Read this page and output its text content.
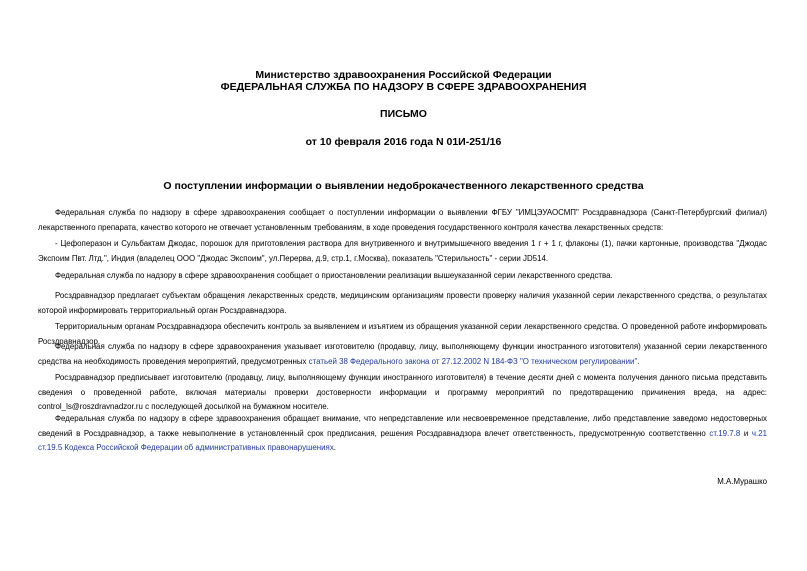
Министерство здравоохранения Российской Федерации
ФЕДЕРАЛЬНАЯ СЛУЖБА ПО НАДЗОРУ В СФЕРЕ ЗДРАВООХРАНЕНИЯ
ПИСЬМО
от 10 февраля 2016 года N 01И-251/16
О поступлении информации о выявлении недоброкачественного лекарственного средства

Федеральная служба по надзору в сфере здравоохранения сообщает о поступлении информации о выявлении ФГБУ "ИМЦЭУАОСМП" Росздравнадзора (Санкт-Петербургский филиал) лекарственного препарата, качество которого не отвечает установленным требованиям, в ходе проведения государственного контроля качества лекарственных средств:

- Цефоперазон и Сульбактам Джодас, порошок для приготовления раствора для внутривенного и внутримышечного введения 1 г + 1 г, флаконы (1), пачки картонные, производства "Джодас Экспоим Пвт. Лтд.", Индия (владелец ООО "Джодас Экспоим", ул.Перерва, д.9, стр.1, г.Москва), показатель "Стерильность" - серии JD514.

Федеральная служба по надзору в сфере здравоохранения сообщает о приостановлении реализации вышеуказанной серии лекарственного средства.

Росздравнадзор предлагает субъектам обращения лекарственных средств, медицинским организациям провести проверку наличия указанной серии лекарственного средства, о результатах которой информировать территориальный орган Росздравнадзора.

Территориальным органам Росздравнадзора обеспечить контроль за выявлением и изъятием из обращения указанной серии лекарственного средства. О проведенной работе информировать Росздравнадзор.

Федеральная служба по надзору в сфере здравоохранения указывает изготовителю (продавцу, лицу, выполняющему функции иностранного изготовителя) указанной серии лекарственного средства на необходимость проведения мероприятий, предусмотренных статьей 38 Федерального закона от 27.12.2002 N 184-ФЗ "О техническом регулировании".

Росздравнадзор предписывает изготовителю (продавцу, лицу, выполняющему функции иностранного изготовителя) в течение десяти дней с момента получения данного письма представить сведения о проведенной работе, включая материалы проверки достоверности информации и программу мероприятий по предотвращению причинения вреда, на адрес: control_ls@roszdravnadzor.ru с последующей досылкой на бумажном носителе.

Федеральная служба по надзору в сфере здравоохранения обращает внимание, что непредставление или несвоевременное представление, либо представление заведомо недостоверных сведений в Росздравнадзор, а также невыполнение в установленный срок предписания, решения Росздравнадзора влечет ответственность, предусмотренную соответственно ст.19.7.8 и ч.21 ст.19.5 Кодекса Российской Федерации об административных правонарушениях.

М.А.Мурашко
